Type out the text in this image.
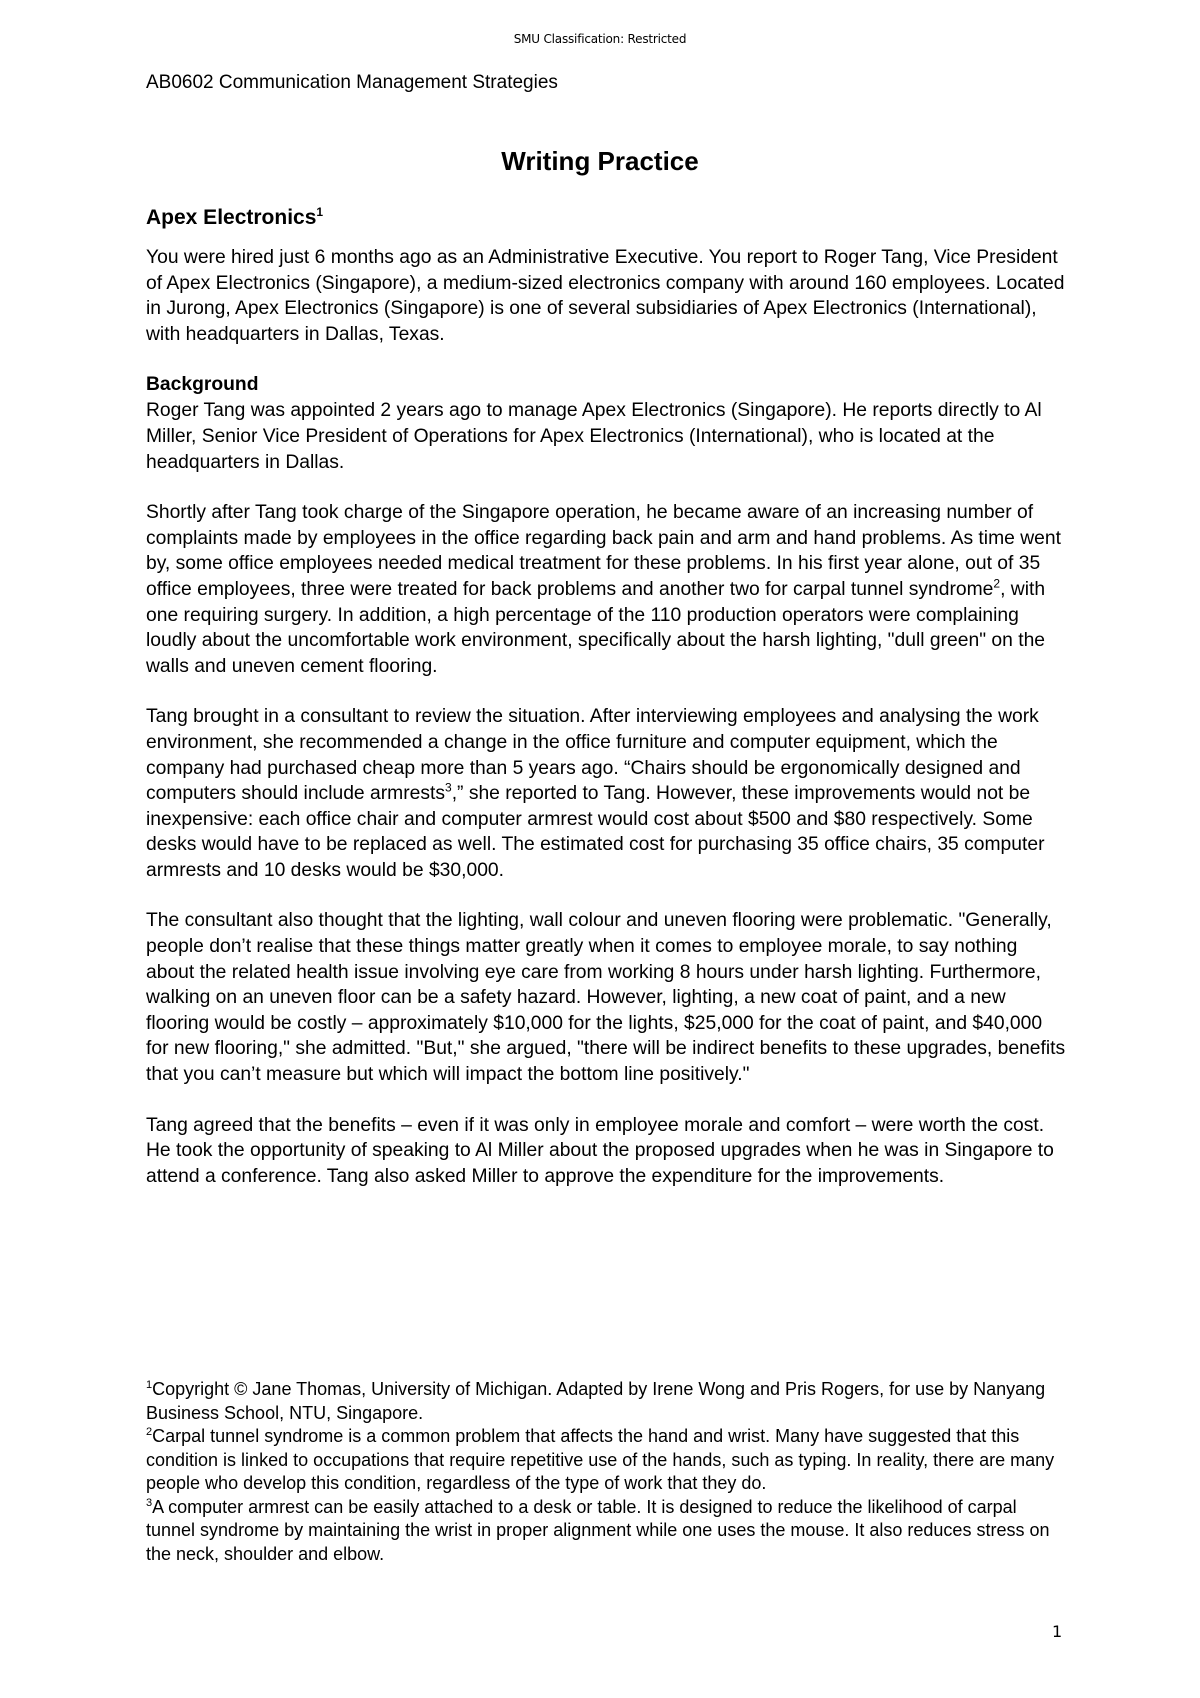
SMU Classification: Restricted
AB0602 Communication Management Strategies
Writing Practice
Apex Electronics$^1$

You were hired just 6 months ago as an Administrative Executive. You report to Roger Tang, Vice President of Apex Electronics (Singapore), a medium-sized electronics company with around 160 employees. Located in Jurong, Apex Electronics (Singapore) is one of several subsidiaries of Apex Electronics (International), with headquarters in Dallas, Texas.

Background

Roger Tang was appointed 2 years ago to manage Apex Electronics (Singapore). He reports directly to Al Miller, Senior Vice President of Operations for Apex Electronics (International), who is located at the headquarters in Dallas.

Shortly after Tang took charge of the Singapore operation, he became aware of an increasing number of complaints made by employees in the office regarding back pain and arm and hand problems. As time went by, some office employees needed medical treatment for these problems. In his first year alone, out of 35 office employees, three were treated for back problems and another two for carpal tunnel syndrome$^2$, with one requiring surgery. In addition, a high percentage of the 110 production operators were complaining loudly about the uncomfortable work environment, specifically about the harsh lighting, "dull green" on the walls and uneven cement flooring.

Tang brought in a consultant to review the situation. After interviewing employees and analysing the work environment, she recommended a change in the office furniture and computer equipment, which the company had purchased cheap more than 5 years ago. “Chairs should be ergonomically designed and computers should include armrests$^3$,” she reported to Tang. However, these improvements would not be inexpensive: each office chair and computer armrest would cost about $500 and $80 respectively. Some desks would have to be replaced as well. The estimated cost for purchasing 35 office chairs, 35 computer armrests and 10 desks would be $30,000.

The consultant also thought that the lighting, wall colour and uneven flooring were problematic. "Generally, people don’t realise that these things matter greatly when it comes to employee morale, to say nothing about the related health issue involving eye care from working 8 hours under harsh lighting. Furthermore, walking on an uneven floor can be a safety hazard. However, lighting, a new coat of paint, and a new flooring would be costly – approximately $10,000 for the lights, $25,000 for the coat of paint, and $40,000 for new flooring," she admitted. "But," she argued, "there will be indirect benefits to these upgrades, benefits that you can’t measure but which will impact the bottom line positively."

Tang agreed that the benefits – even if it was only in employee morale and comfort – were worth the cost. He took the opportunity of speaking to Al Miller about the proposed upgrades when he was in Singapore to attend a conference. Tang also asked Miller to approve the expenditure for the improvements.

$^1$Copyright © Jane Thomas, University of Michigan. Adapted by Irene Wong and Pris Rogers, for use by Nanyang Business School, NTU, Singapore.

$^2$Carpal tunnel syndrome is a common problem that affects the hand and wrist. Many have suggested that this condition is linked to occupations that require repetitive use of the hands, such as typing. In reality, there are many people who develop this condition, regardless of the type of work that they do.

$^3$A computer armrest can be easily attached to a desk or table. It is designed to reduce the likelihood of carpal tunnel syndrome by maintaining the wrist in proper alignment while one uses the mouse. It also reduces stress on the neck, shoulder and elbow.

1
